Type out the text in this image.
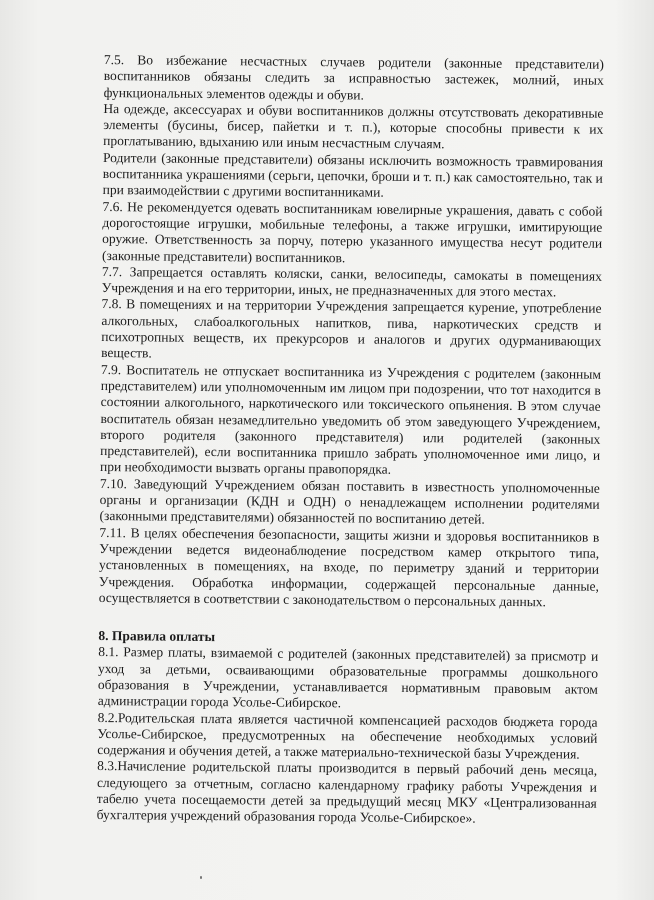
7.5. Во избежание несчастных случаев родители (законные представители) воспитанников обязаны следить за исправностью застежек, молний, иных функциональных элементов одежды и обуви.

На одежде, аксессуарах и обуви воспитанников должны отсутствовать декоративные элементы (бусины, бисер, пайетки и т. п.), которые способны привести к их проглатыванию, вдыханию или иным несчастным случаям.

Родители (законные представители) обязаны исключить возможность травмирования воспитанника украшениями (серьги, цепочки, броши и т. п.) как самостоятельно, так и при взаимодействии с другими воспитанниками.

7.6. Не рекомендуется одевать воспитанникам ювелирные украшения, давать с собой дорогостоящие игрушки, мобильные телефоны, а также игрушки, имитирующие оружие. Ответственность за порчу, потерю указанного имущества несут родители (законные представители) воспитанников.

7.7. Запрещается оставлять коляски, санки, велосипеды, самокаты в помещениях Учреждения и на его территории, иных, не предназначенных для этого местах.

7.8. В помещениях и на территории Учреждения запрещается курение, употребление алкогольных, слабоалкогольных напитков, пива, наркотических средств и психотропных веществ, их прекурсоров и аналогов и других одурманивающих веществ.

7.9. Воспитатель не отпускает воспитанника из Учреждения с родителем (законным представителем) или уполномоченным им лицом при подозрении, что тот находится в состоянии алкогольного, наркотического или токсического опьянения. В этом случае воспитатель обязан незамедлительно уведомить об этом заведующего Учреждением, второго родителя (законного представителя) или родителей (законных представителей), если воспитанника пришло забрать уполномоченное ими лицо, и при необходимости вызвать органы правопорядка.

7.10. Заведующий Учреждением обязан поставить в известность уполномоченные органы и организации (КДН и ОДН) о ненадлежащем исполнении родителями (законными представителями) обязанностей по воспитанию детей.

7.11. В целях обеспечения безопасности, защиты жизни и здоровья воспитанников в Учреждении ведется видеонаблюдение посредством камер открытого типа, установленных в помещениях, на входе, по периметру зданий и территории Учреждения. Обработка информации, содержащей персональные данные, осуществляется в соответствии с законодательством о персональных данных.

8. Правила оплаты

8.1. Размер платы, взимаемой с родителей (законных представителей) за присмотр и уход за детьми, осваивающими образовательные программы дошкольного образования в Учреждении, устанавливается нормативным правовым актом администрации города Усолье-Сибирское.

8.2.Родительская плата является частичной компенсацией расходов бюджета города Усолье-Сибирское, предусмотренных на обеспечение необходимых условий содержания и обучения детей, а также материально-технической базы Учреждения.

8.3.Начисление родительской платы производится в первый рабочий день месяца, следующего за отчетным, согласно календарному графику работы Учреждения и табелю учета посещаемости детей за предыдущий месяц МКУ «Централизованная бухгалтерия учреждений образования города Усолье-Сибирское».
